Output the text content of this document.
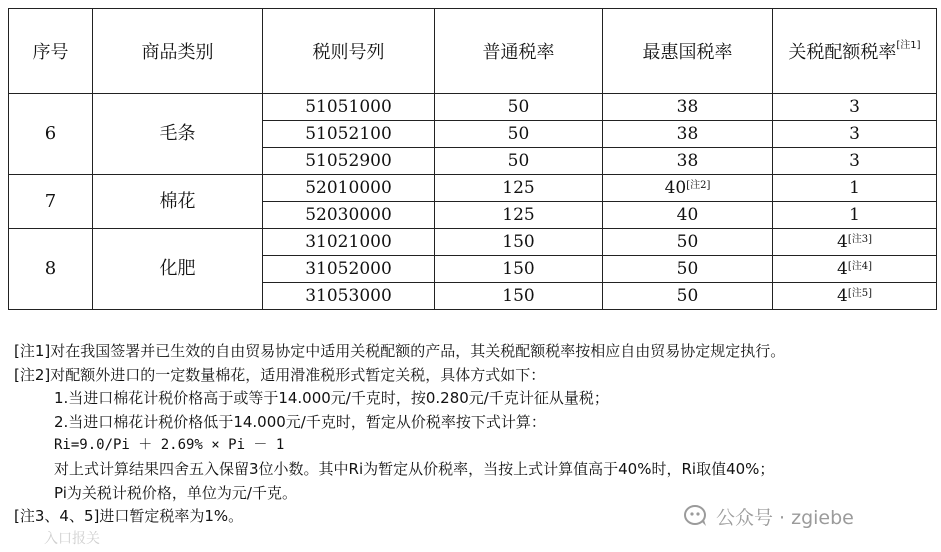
序号	商品类别	税则号列	普通税率	最惠国税率	关税配额税率[注1]
6	毛条	51051000	50	38	3
		51052100	50	38	3
		51052900	50	38	3
7	棉花	52010000	125	40[注2]	1
		52030000	125	40	1
8	化肥	31021000	150	50	4[注3]
		31052000	150	50	4[注4]
		31053000	150	50	4[注5]
[注1]对在我国签署并已生效的自由贸易协定中适用关税配额的产品，其关税配额税率按相应自由贸易协定规定执行。
[注2]对配额外进口的一定数量棉花，适用滑准税形式暂定关税，具体方式如下：
1.当进口棉花计税价格高于或等于14.000元/千克时，按0.280元/千克计征从量税；
2.当进口棉花计税价格低于14.000元/千克时，暂定从价税率按下式计算：
Ri=9.0/Pi ＋ 2.69% × Pi － 1
对上式计算结果四舍五入保留3位小数。其中Ri为暂定从价税率，当按上式计算值高于40%时，Ri取值40%；
Pi为关税计税价格，单位为元/千克。
[注3、4、5]进口暂定税率为1%。	公众号 · zgiebe
入口报关
